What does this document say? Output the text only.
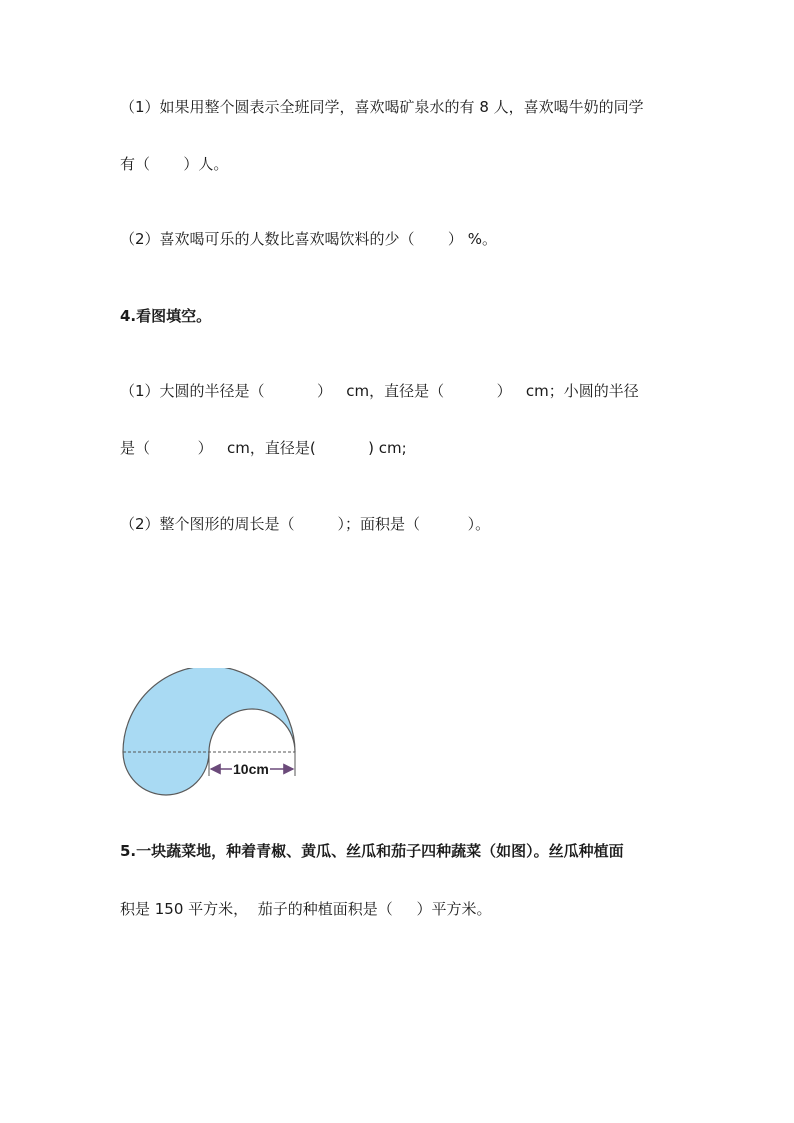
（1）如果用整个圆表示全班同学，喜欢喝矿泉水的有 8 人，喜欢喝牛奶的同学
有（       ）人。
（2）喜欢喝可乐的人数比喜欢喝饮料的少（       ） %。
4.看图填空。
（1）大圆的半径是（           ）   cm，直径是（           ）   cm；小圆的半径
是（          ）   cm，直径是(           ) cm;
（2）整个图形的周长是（         ）；面积是（          ）。
10cm
5.一块蔬菜地，种着青椒、黄瓜、丝瓜和茄子四种蔬菜（如图）。丝瓜种植面
积是 150 平方米，  茄子的种植面积是（     ）平方米。
